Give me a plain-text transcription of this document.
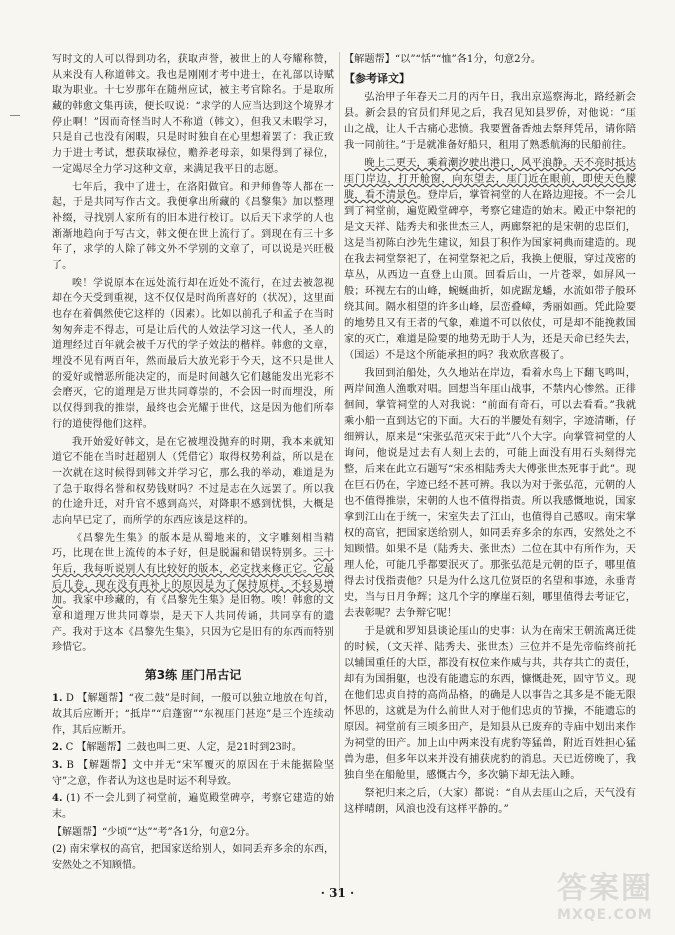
写时文的人可以得到功名，获取声誉，被世上的人夸耀称赞，从来没有人称道韩文。我也是刚刚才考中进士，在礼部以诗赋取为职业。十七岁那年在随州应试，被主考官除名。于是取所藏的韩愈文集再读，便长叹说：“求学的人应当达到这个境界才停止啊！”因而奇怪当时人不称道（韩文），但我又未暇学习，只是自己也没有闲暇，只是时时独自在心里想着罢了：我正致力于进士考试，想获取禄位，赡养老母亲，如果得到了禄位，一定竭尽全力学习这种文章，来满足我平日的志愿。

七年后，我中了进士，在洛阳做官。和尹师鲁等人都在一起，于是共同写作古文。我便拿出所藏的《昌黎集》加以整理补缀，寻找别人家所有的旧本进行校订。以后天下求学的人也渐渐地趋向于写古文，韩文便在世上流行了。到现在有三十多年了，求学的人除了韩文外不学别的文章了，可以说是兴旺极了。

唉！学说原本在远处流行却在近处不流行，在过去被忽视却在今天受到重视，这不仅仅是时尚所喜好的（状况），这里面也存在着偶然使它这样的（因素）。比如以前孔子和孟子在当时匆匆奔走不得志，可是让后代的人效法学习这一代人，圣人的道理经过百年就会被千万代的学子效法的楷样。韩愈的文章，埋没不见有两百年，然而最后大放光彩于今天，这不只是世人的爱好或憎恶所能决定的，而是时间越久它们越能发出光彩不会磨灭，它的道理是万世共同尊崇的，不会因一时而埋没，所以仅得到我的推崇，最终也会光耀于世代，这是因为他们所奉行的道使得他们这样。

我开始爱好韩文，是在它被埋没抛弃的时期，我本来就知道它不能在当时赶超别人（凭借它）取得权势利益，所以是在一次就在这时候得到韩文并学习它，那么我的举动，难道是为了急于取得名誉和权势钱财吗？不过是志在久远罢了。所以我的仕途升迁，对升官不感到高兴，对降职不感到忧惧，大概是志向早已定了，而所学的东西应该是这样的。

《昌黎先生集》的版本是从蜀地来的，文字雕刻相当精巧，比现在世上流传的本子好，但是脱漏和错误特别多。三十年后，我每听说别人有比较好的版本，必定找来修正它。它最后几卷，现在没有再补上的原因是为了保持原样，不轻易增加。我家中珍藏的，有《昌黎先生集》是旧物。唉！韩愈的文章和道理万世共同尊崇，是天下人共同传诵，共同享有的遗产。我对于这本《昌黎先生集》，只因为它是旧有的东西而特别珍惜它。

第3练 厓门吊古记
1. D 【解题帮】“夜二鼓”是时间，一般可以独立地放在句首，故其后应断开；“抵岸”“启蓬窗”“东视厓门甚迩”是三个连续动作，其后应断开。
2. C 【解题帮】二鼓也叫二更、人定，是21时到23时。
3. B 【解题帮】文中并无“宋军覆灭的原因在于未能据险坚守”之意，作者认为这也是时运不利导致。
4. (1) 不一会儿到了祠堂前，遍览殿堂碑亭，考察它建造的始末。
【解题帮】“少顷”“达”“考”各1分，句意2分。
(2) 南宋掌权的高官，把国家送给别人，如同丢弃多余的东西，安然处之不知顾惜。
【解题帮】“以”“恬”“恤”各1分，句意2分。
【参考译文】

弘治甲子年春天二月的丙午日，我出京巡察海北，路经新会县。新会县的官员们拜见之后，我召见知县罗侨，对他说：“厓山之战，让人千古痛心悲愤。我要置备香烛去祭拜凭吊，请你陪我一同前往。”于是就准备好船只，租用了熟悉航海的民船前往。

晚上二更天，乘着潮汐驶出港口，风平浪静。天不亮时抵达厓门岸边，打开舱窗，向东望去，厓门近在眼前，即使天色朦胧，看不清景色。登岸后，掌管祠堂的人在路边迎接。不一会儿到了祠堂前，遍览殿堂碑亭，考察它建造的始末。殿正中祭祀的是文天祥、陆秀夫和张世杰三人，两廊祭祀的是宋朝的忠臣们，这是当初陈白沙先生建议，知县丁积作为国家祠典而建造的。现在我去祠堂祭祀了，在祠堂祭祀之后，我换上便服，穿过茂密的草丛，从西边一直登上山顶。回看后山，一片苍翠，如屏风一般；环视左右的山峰，蜿蜒曲折，如虎踞龙蟠，水流如带子般环绕其间。隔水相望的许多山峰，层峦叠嶂，秀丽如画。凭此险要的地势且又有王者的气象，难道不可以依仗，可是却不能挽救国家的灭亡，难道是险要的地势无助于人为，还是天命已经失去，（国运）不是这个所能承担的吗？我欢欣喜极了。

我回到泊船处，久久地站在岸边，看着水鸟上下翻飞鸣叫，两岸间渔人渔歌对唱。回想当年厓山战事，不禁内心惨然。正徘徊间，掌管祠堂的人对我说：“前面有奇石，可以去看看。”我就乘小船一直到达它的下面。大石的半腰处有刻字，字迹清晰，仔细辨认，原来是“宋张弘范灭宋于此”八个大字。向掌管祠堂的人询问，他说是过去有人刻上去的，可能上面没有用石头刻得完整，后来在此立石题写“宋丞相陆秀夫大傅张世杰死事于此”。现在巨石仍在，字迹已经不甚可辨。我以为对于张弘范，元朝的人也不值得推崇，宋朝的人也不值得指责。所以我感慨地说，国家拿到江山在于统一，宋室失去了江山，也值得自己感叹。南宋掌权的高官，把国家送给别人，如同丢弃多余的东西，安然处之不知顾惜。如果不是（陆秀夫、张世杰）二位在其中有所作为，天理人伦，可能几乎都要泯灭了。那张弘范是元朝的臣子，哪里值得去讨伐指责他？只是为什么这几位贤臣的名望和事迹，永垂青史，当与日月争辉；这几个字的摩崖石刻，哪里值得去考证它，去表彰呢？去争辩它呢！

于是就和罗知县谈论厓山的史事：认为在南宋王朝流离迁徙的时候，（文天祥、陆秀夫、张世杰）三位并不是先帝临终前托以辅国重任的大臣，都没有权位来作威与共，共存共亡的责任，却有为国捐躯，也没有能遗忘的东西，慷慨赴死，固守节义。现在他们忠贞自持的高尚品格，的确是人以事告之其多是不能无限怀思的，这就是为什么前世人对于他们忠贞的节操，不能遗忘的原因。祠堂前有三顷多田产，是知县从已废弃的寺庙中划出来作为祠堂的田产。加上山中两来没有虎豹等猛兽，附近百姓担心猛兽为患，但多年以来并没有捕获虎豹的消息。天已近傍晚了，我独自坐在船舱里，感慨古今，多次躺下却无法入睡。

祭祀归来之后，（大家）都说：“自从去厓山之后，天气没有这样晴朗，风浪也没有这样平静的。”

· 31 ·	答案圈
MXQE.COM
